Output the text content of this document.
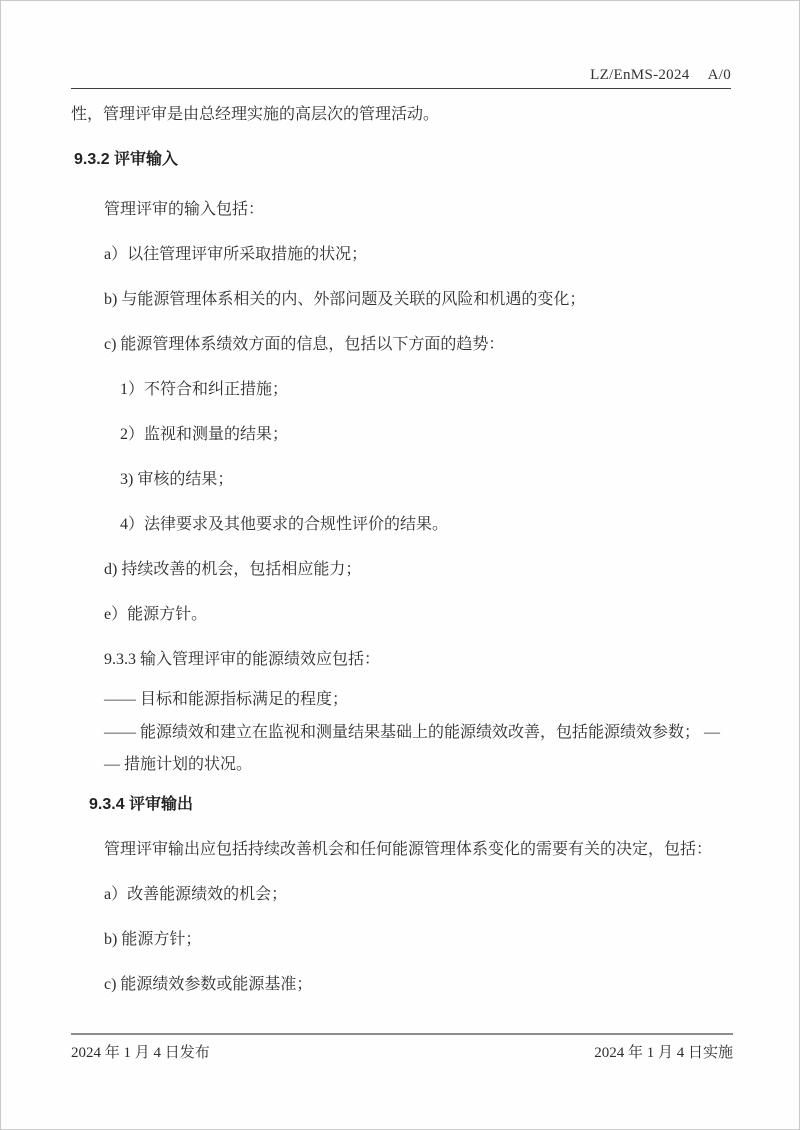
LZ/EnMS-2024 A/0
性，管理评审是由总经理实施的高层次的管理活动。
9.3.2 评审输入
管理评审的输入包括：
a）以往管理评审所采取措施的状况；
b) 与能源管理体系相关的内、外部问题及关联的风险和机遇的变化；
c) 能源管理体系绩效方面的信息，包括以下方面的趋势：
1）不符合和纠正措施；
2）监视和测量的结果；
3) 审核的结果；
4）法律要求及其他要求的合规性评价的结果。
d) 持续改善的机会，包括相应能力；
e）能源方针。
9.3.3 输入管理评审的能源绩效应包括：
—— 目标和能源指标满足的程度；
—— 能源绩效和建立在监视和测量结果基础上的能源绩效改善，包括能源绩效参数； —
— 措施计划的状况。
9.3.4 评审输出
管理评审输出应包括持续改善机会和任何能源管理体系变化的需要有关的决定，包括：
a）改善能源绩效的机会；
b) 能源方针；
c) 能源绩效参数或能源基准；
2024 年 1 月 4 日发布	2024 年 1 月 4 日实施
